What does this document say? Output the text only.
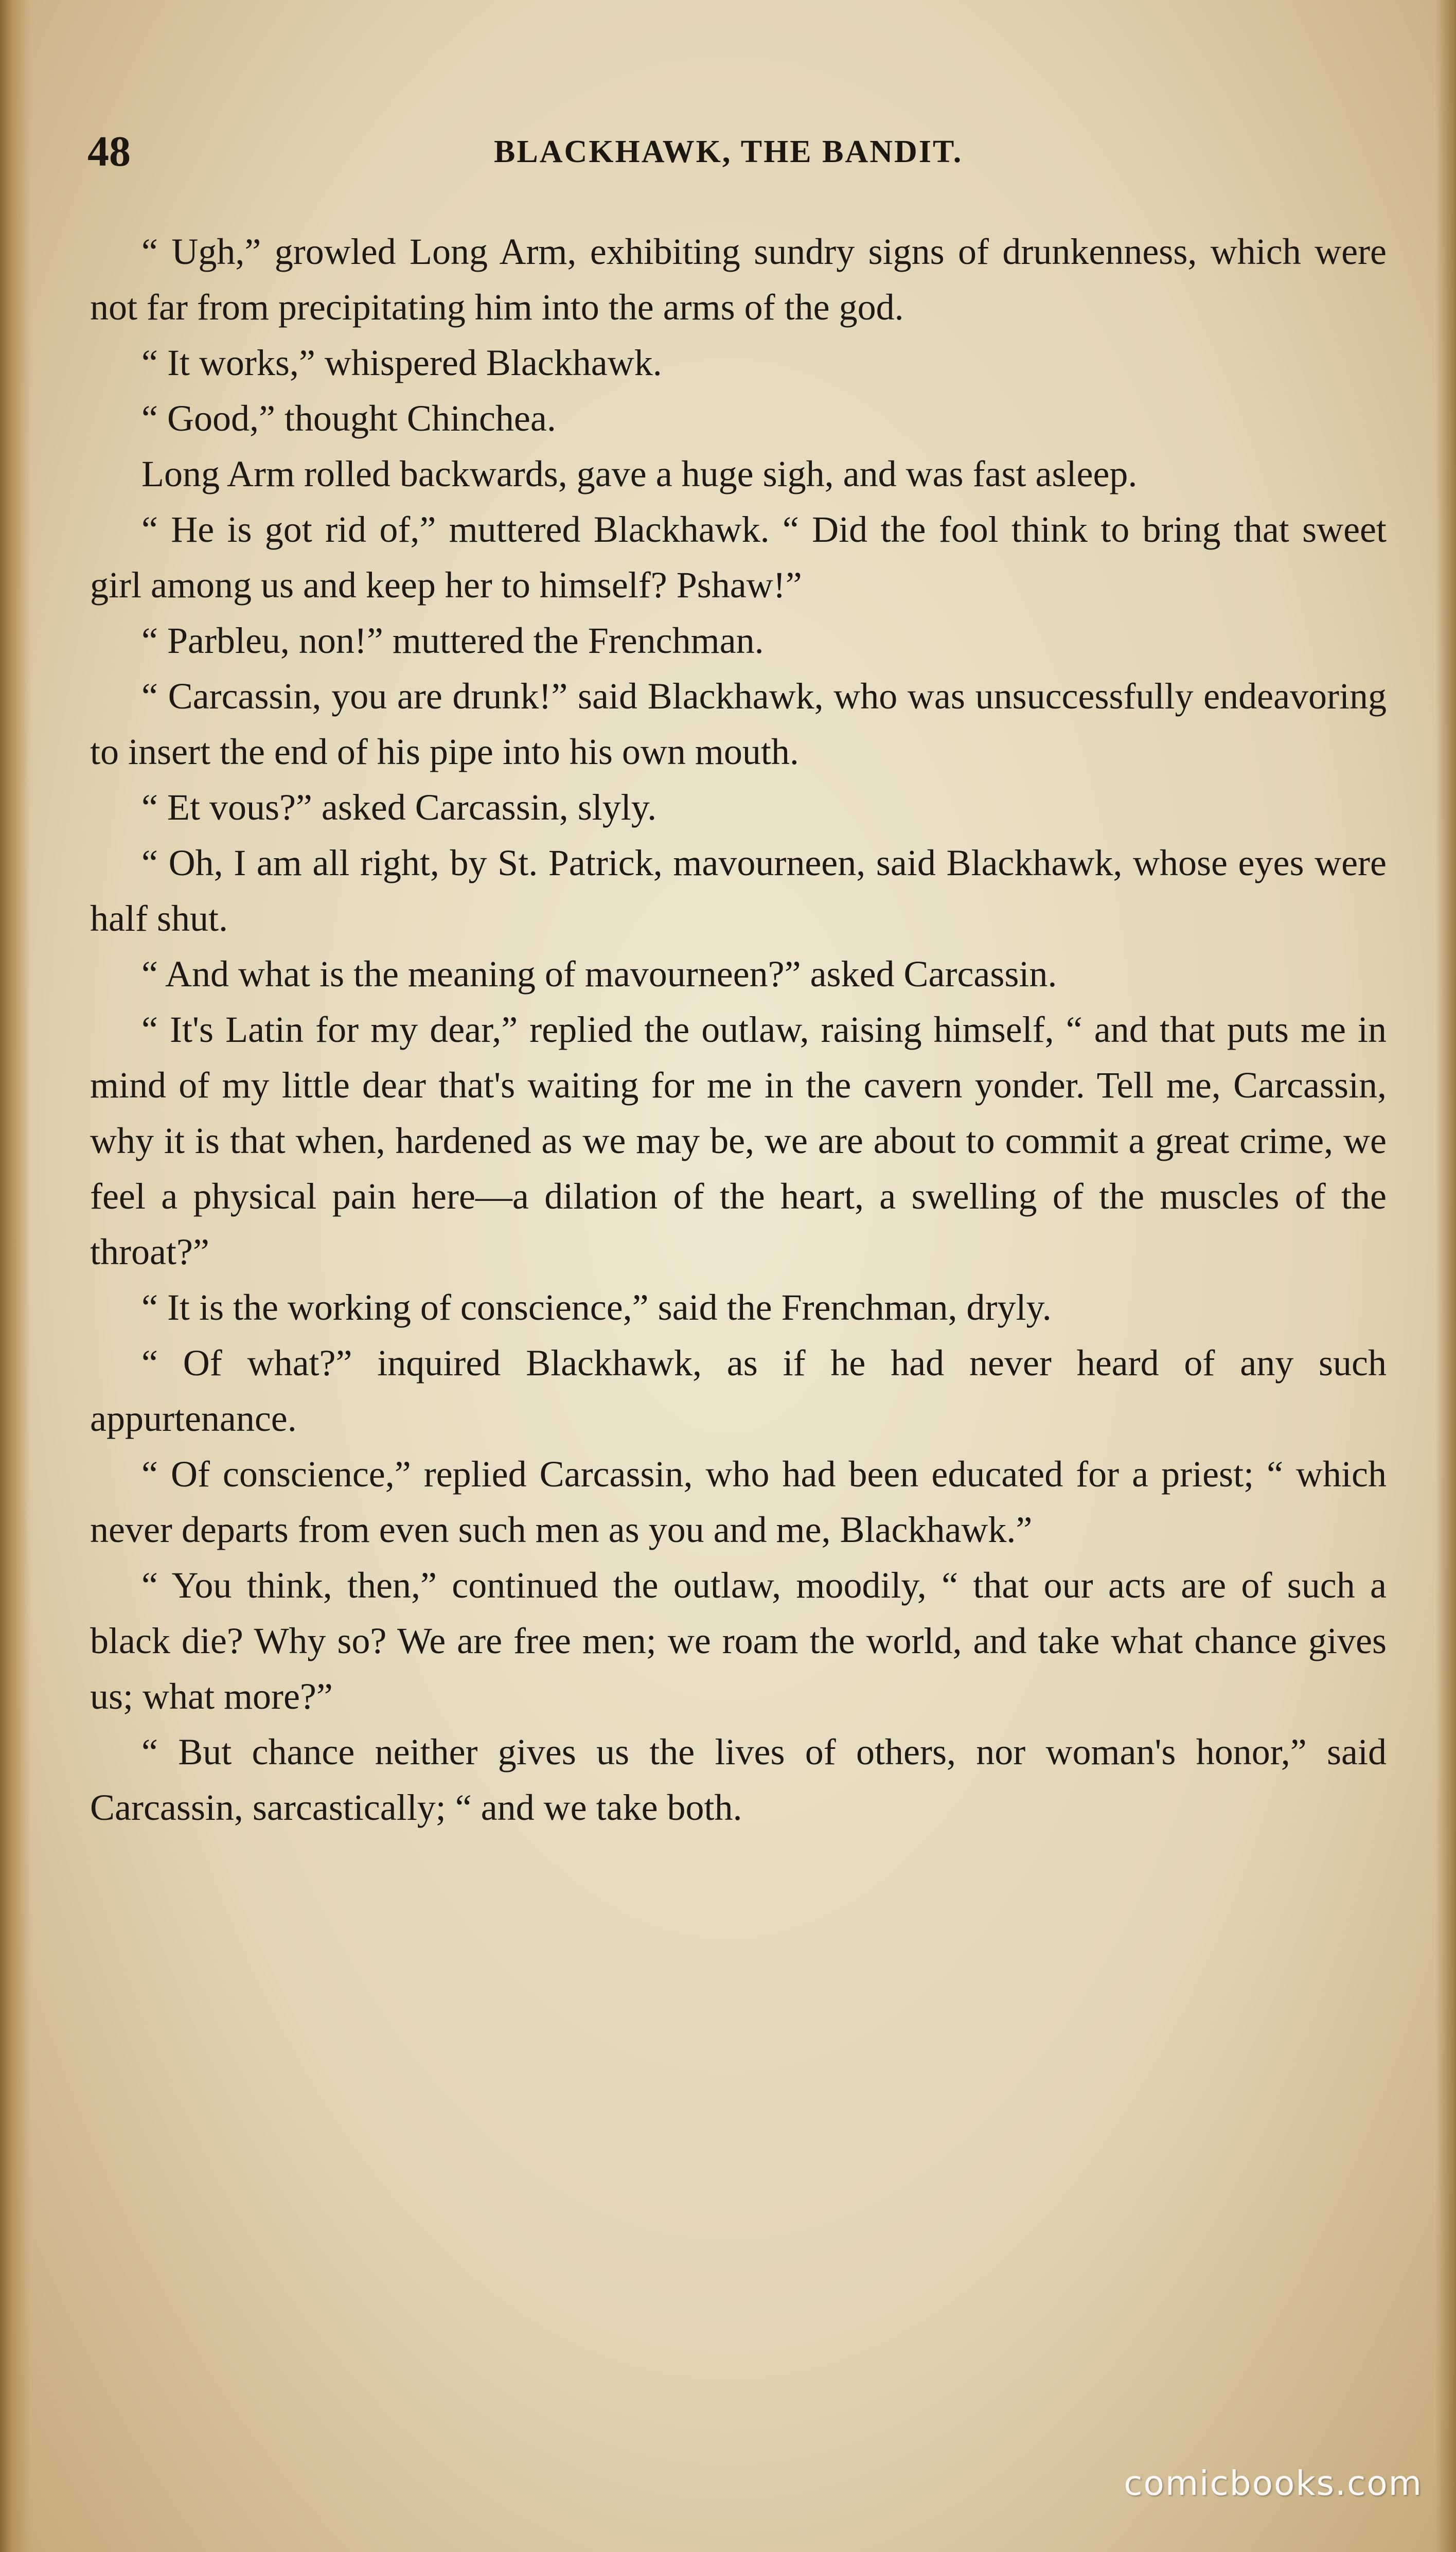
48	BLACKHAWK, THE BANDIT.

“ Ugh,” growled Long Arm, exhibiting sundry signs of drunkenness, which were not far from precipitating him into the arms of the god.

“ It works,” whispered Blackhawk.

“ Good,” thought Chinchea.

Long Arm rolled backwards, gave a huge sigh, and was fast asleep.

“ He is got rid of,” muttered Blackhawk. “ Did the fool think to bring that sweet girl among us and keep her to himself? Pshaw!”

“ Parbleu, non!” muttered the Frenchman.

“ Carcassin, you are drunk!” said Blackhawk, who was unsuccessfully endeavoring to insert the end of his pipe into his own mouth.

“ Et vous?” asked Carcassin, slyly.

“ Oh, I am all right, by St. Patrick, mavourneen, said Blackhawk, whose eyes were half shut.

“ And what is the meaning of mavourneen?” asked Carcassin.

“ It's Latin for my dear,” replied the outlaw, raising himself, “ and that puts me in mind of my little dear that's waiting for me in the cavern yonder. Tell me, Carcassin, why it is that when, hardened as we may be, we are about to commit a great crime, we feel a physical pain here—a dilation of the heart, a swelling of the muscles of the throat?”

“ It is the working of conscience,” said the Frenchman, dryly.

“ Of what?” inquired Blackhawk, as if he had never heard of any such appurtenance.

“ Of conscience,” replied Carcassin, who had been educated for a priest; “ which never departs from even such men as you and me, Blackhawk.”

“ You think, then,” continued the outlaw, moodily, “ that our acts are of such a black die? Why so? We are free men; we roam the world, and take what chance gives us; what more?”

“ But chance neither gives us the lives of others, nor woman's honor,” said Carcassin, sarcastically; “ and we take both.

comicbooks.com
